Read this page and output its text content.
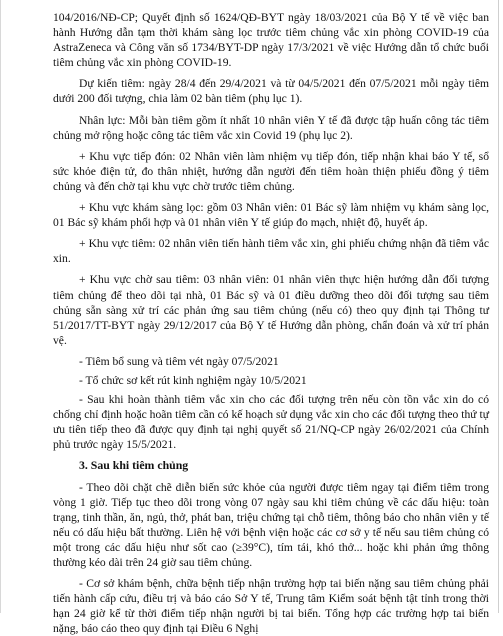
104/2016/NĐ-CP; Quyết định số 1624/QĐ-BYT ngày 18/03/2021 của Bộ Y tế về việc ban hành Hướng dẫn tạm thời khám sàng lọc trước tiêm chủng vắc xin phòng COVID-19 của AstraZeneca và Công văn số 1734/BYT-DP ngày 17/3/2021 về việc Hướng dẫn tổ chức buổi tiêm chủng vắc xin phòng COVID-19.

Dự kiến tiêm: ngày 28/4 đến 29/4/2021 và từ 04/5/2021 đến 07/5/2021 mỗi ngày tiêm dưới 200 đối tượng, chia làm 02 bàn tiêm (phụ lục 1).

Nhân lực: Mỗi bàn tiêm gồm ít nhất 10 nhân viên Y tế đã được tập huấn công tác tiêm chủng mở rộng hoặc công tác tiêm vắc xin Covid 19 (phụ lục 2).

+ Khu vực tiếp đón: 02 Nhân viên làm nhiệm vụ tiếp đón, tiếp nhận khai báo Y tế, sổ sức khỏe điện tử, đo thân nhiệt, hướng dẫn người đến tiêm hoàn thiện phiếu đồng ý tiêm chủng và đến chờ tại khu vực chờ trước tiêm chủng.

+ Khu vực khám sàng lọc: gồm 03 Nhân viên: 01 Bác sỹ làm nhiệm vụ khám sàng lọc, 01 Bác sỹ khám phối hợp và 01 nhân viên Y tế giúp đo mạch, nhiệt độ, huyết áp.

+ Khu vực tiêm: 02 nhân viên tiến hành tiêm vắc xin, ghi phiếu chứng nhận đã tiêm vắc xin.

+ Khu vực chờ sau tiêm: 03 nhân viên: 01 nhân viên thực hiện hướng dẫn đối tượng tiêm chủng để theo dõi tại nhà, 01 Bác sỹ và 01 điều dưỡng theo dõi đối tượng sau tiêm chủng sẵn sàng xử trí các phản ứng sau tiêm chủng (nếu có) theo quy định tại Thông tư 51/2017/TT-BYT ngày 29/12/2017 của Bộ Y tế Hướng dẫn phòng, chẩn đoán và xử trí phản vệ.

- Tiêm bổ sung và tiêm vét ngày 07/5/2021

- Tổ chức sơ kết rút kinh nghiệm ngày 10/5/2021

- Sau khi hoàn thành tiêm vắc xin cho các đối tượng trên nếu còn tồn vắc xin do có chống chỉ định hoặc hoãn tiêm cần có kế hoạch sử dụng vắc xin cho các đối tượng theo thứ tự ưu tiên tiếp theo đã được quy định tại nghị quyết số 21/NQ-CP ngày 26/02/2021 của Chính phủ trước ngày 15/5/2021.

3. Sau khi tiêm chủng

- Theo dõi chặt chẽ diễn biến sức khỏe của người được tiêm ngay tại điểm tiêm trong vòng 1 giờ. Tiếp tục theo dõi trong vòng 07 ngày sau khi tiêm chủng về các dấu hiệu: toàn trạng, tinh thần, ăn, ngủ, thở, phát ban, triệu chứng tại chỗ tiêm, thông báo cho nhân viên y tế nếu có dấu hiệu bất thường. Liên hệ với bệnh viện hoặc các cơ sở y tế nếu sau tiêm chủng có một trong các dấu hiệu như sốt cao (≥39°C), tím tái, khó thở... hoặc khi phản ứng thông thường kéo dài trên 24 giờ sau tiêm chủng.

- Cơ sở khám bệnh, chữa bệnh tiếp nhận trường hợp tai biến nặng sau tiêm chủng phải tiến hành cấp cứu, điều trị và báo cáo Sở Y tế, Trung tâm Kiểm soát bệnh tật tỉnh trong thời hạn 24 giờ kể từ thời điểm tiếp nhận người bị tai biến. Tổng hợp các trường hợp tai biến nặng, báo cáo theo quy định tại Điều 6 Nghị
